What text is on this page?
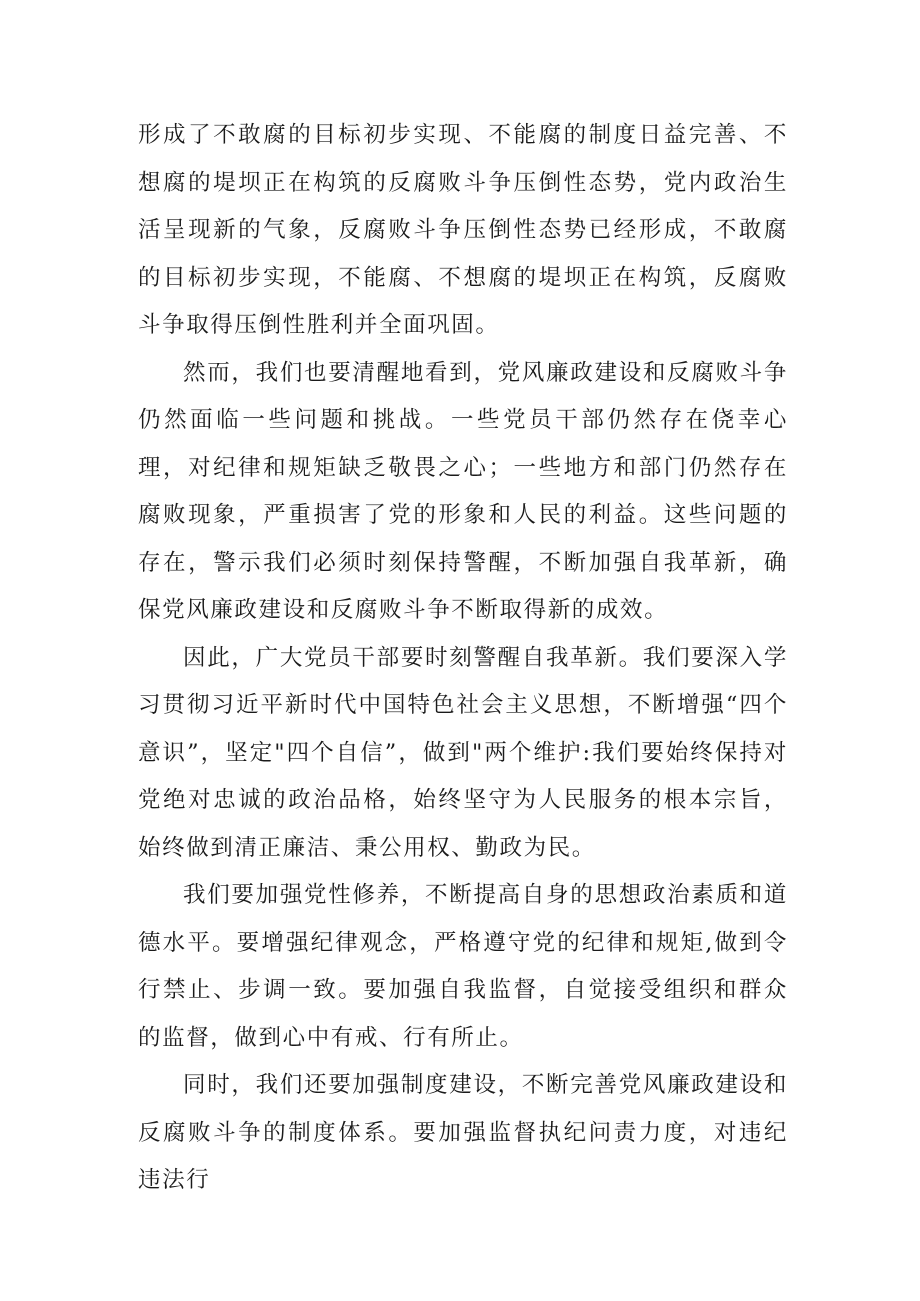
形成了不敢腐的目标初步实现、不能腐的制度日益完善、不想腐的堤坝正在构筑的反腐败斗争压倒性态势，党内政治生活呈现新的气象，反腐败斗争压倒性态势已经形成，不敢腐的目标初步实现，不能腐、不想腐的堤坝正在构筑，反腐败斗争取得压倒性胜利并全面巩固。

然而，我们也要清醒地看到，党风廉政建设和反腐败斗争仍然面临一些问题和挑战。一些党员干部仍然存在侥幸心理，对纪律和规矩缺乏敬畏之心；一些地方和部门仍然存在腐败现象，严重损害了党的形象和人民的利益。这些问题的存在，警示我们必须时刻保持警醒，不断加强自我革新，确保党风廉政建设和反腐败斗争不断取得新的成效。

因此，广大党员干部要时刻警醒自我革新。我们要深入学习贯彻习近平新时代中国特色社会主义思想，不断增强“四个意识”，坚定"四个自信”，做到"两个维护:我们要始终保持对党绝对忠诚的政治品格，始终坚守为人民服务的根本宗旨，始终做到清正廉洁、秉公用权、勤政为民。

我们要加强党性修养，不断提高自身的思想政治素质和道德水平。要增强纪律观念，严格遵守党的纪律和规矩,做到令行禁止、步调一致。要加强自我监督，自觉接受组织和群众的监督，做到心中有戒、行有所止。

同时，我们还要加强制度建设，不断完善党风廉政建设和反腐败斗争的制度体系。要加强监督执纪问责力度，对违纪违法行
